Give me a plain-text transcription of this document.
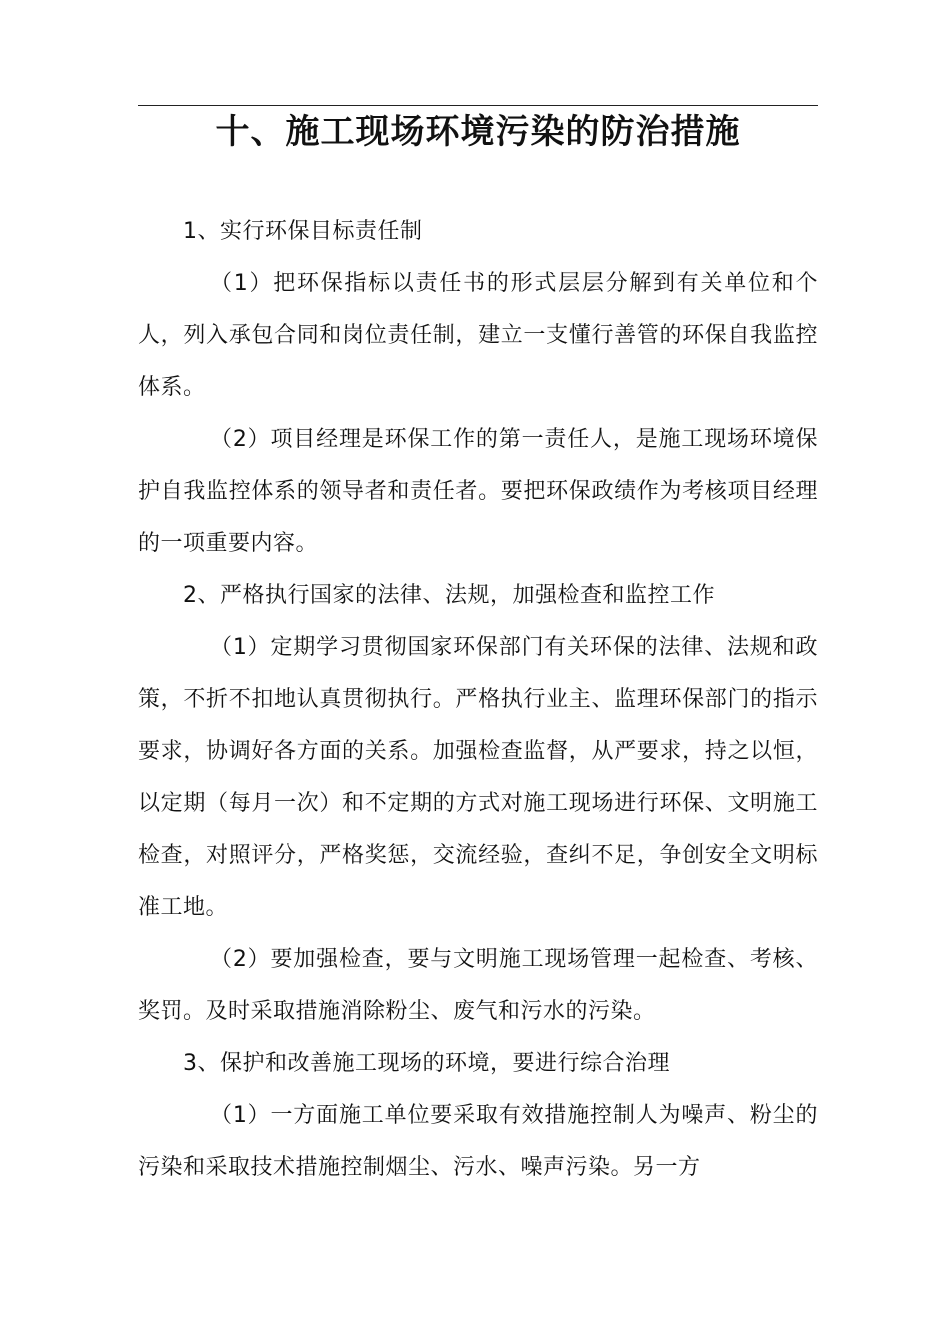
十、施工现场环境污染的防治措施

1、实行环保目标责任制

（1）把环保指标以责任书的形式层层分解到有关单位和个人，列入承包合同和岗位责任制，建立一支懂行善管的环保自我监控体系。

（2）项目经理是环保工作的第一责任人，是施工现场环境保护自我监控体系的领导者和责任者。要把环保政绩作为考核项目经理的一项重要内容。

2、严格执行国家的法律、法规，加强检查和监控工作

（1）定期学习贯彻国家环保部门有关环保的法律、法规和政策，不折不扣地认真贯彻执行。严格执行业主、监理环保部门的指示要求，协调好各方面的关系。加强检查监督，从严要求，持之以恒，以定期（每月一次）和不定期的方式对施工现场进行环保、文明施工检查，对照评分，严格奖惩，交流经验，查纠不足，争创安全文明标准工地。

（2）要加强检查，要与文明施工现场管理一起检查、考核、奖罚。及时采取措施消除粉尘、废气和污水的污染。

3、保护和改善施工现场的环境，要进行综合治理

（1）一方面施工单位要采取有效措施控制人为噪声、粉尘的污染和采取技术措施控制烟尘、污水、噪声污染。另一方
